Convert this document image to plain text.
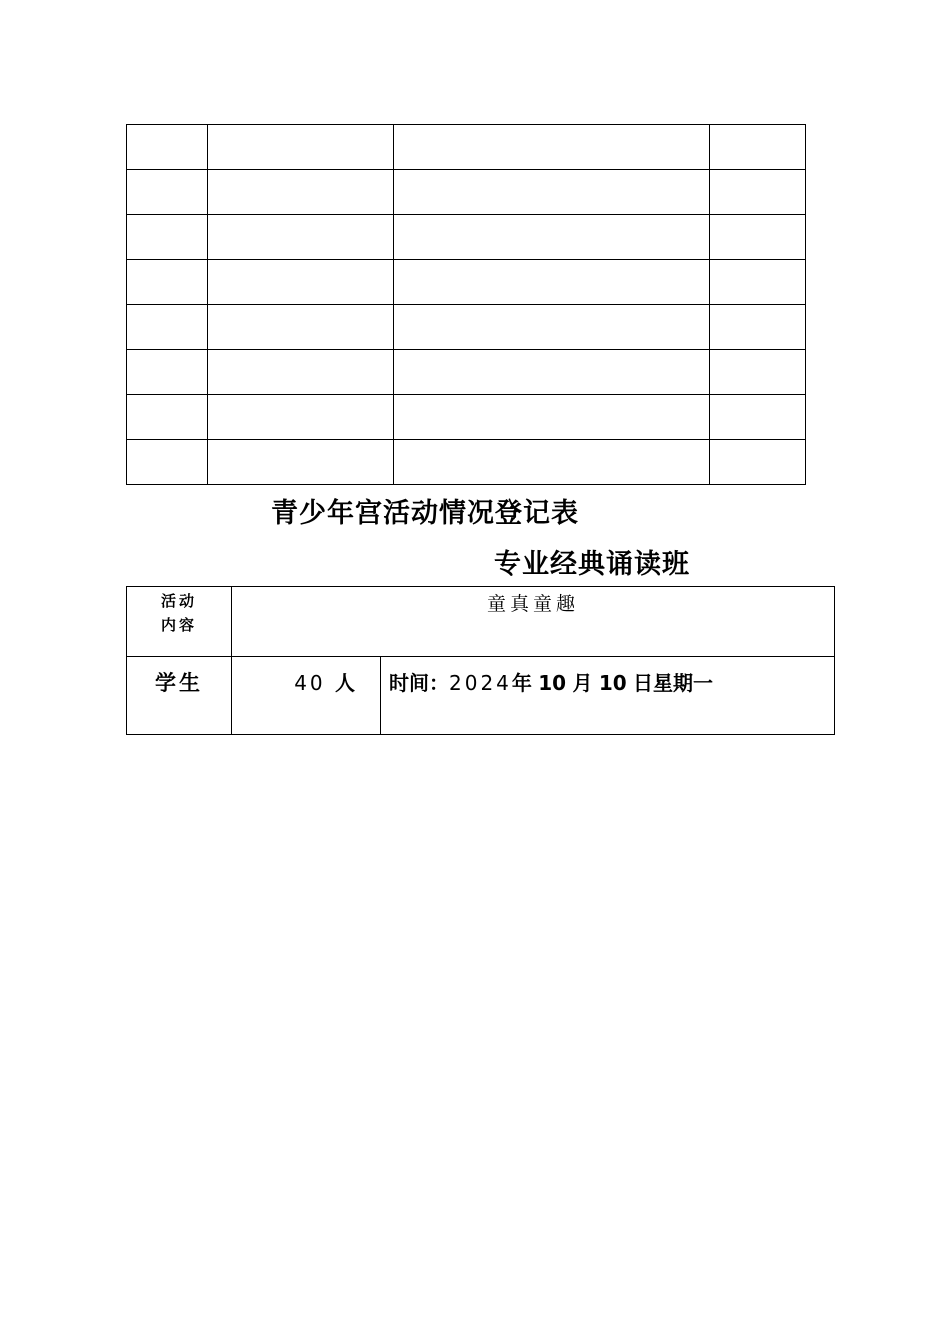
青少年宫活动情况登记表
专业经典诵读班
活动
内容	童真童趣	
学生	40 人	时间：2024年 10 月 10 日星期一
